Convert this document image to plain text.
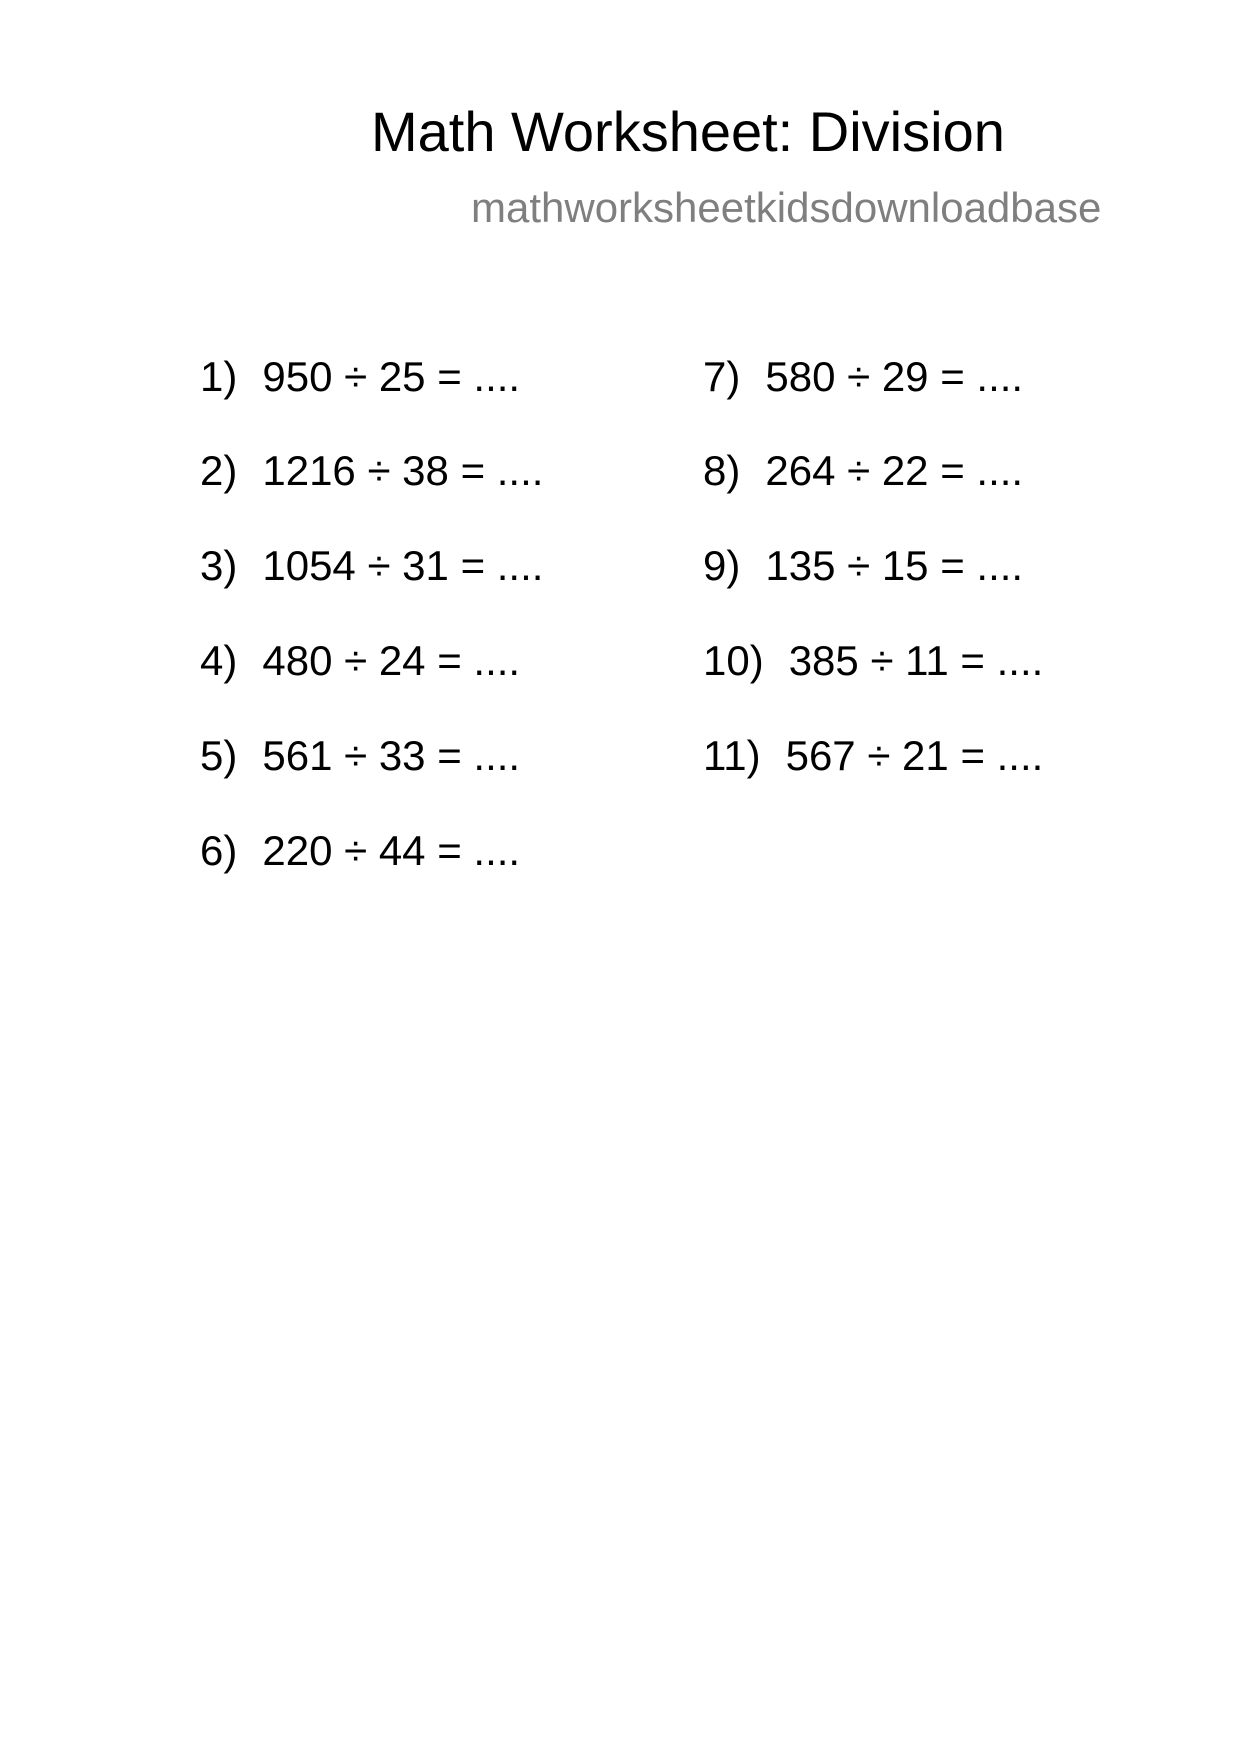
Math Worksheet: Division
mathworksheetkidsdownloadbase
1) 950 ÷ 25 = ....
2) 1216 ÷ 38 = ....
3) 1054 ÷ 31 = ....
4) 480 ÷ 24 = ....
5) 561 ÷ 33 = ....
6) 220 ÷ 44 = ....
7) 580 ÷ 29 = ....
8) 264 ÷ 22 = ....
9) 135 ÷ 15 = ....
10) 385 ÷ 11 = ....
11) 567 ÷ 21 = ....
